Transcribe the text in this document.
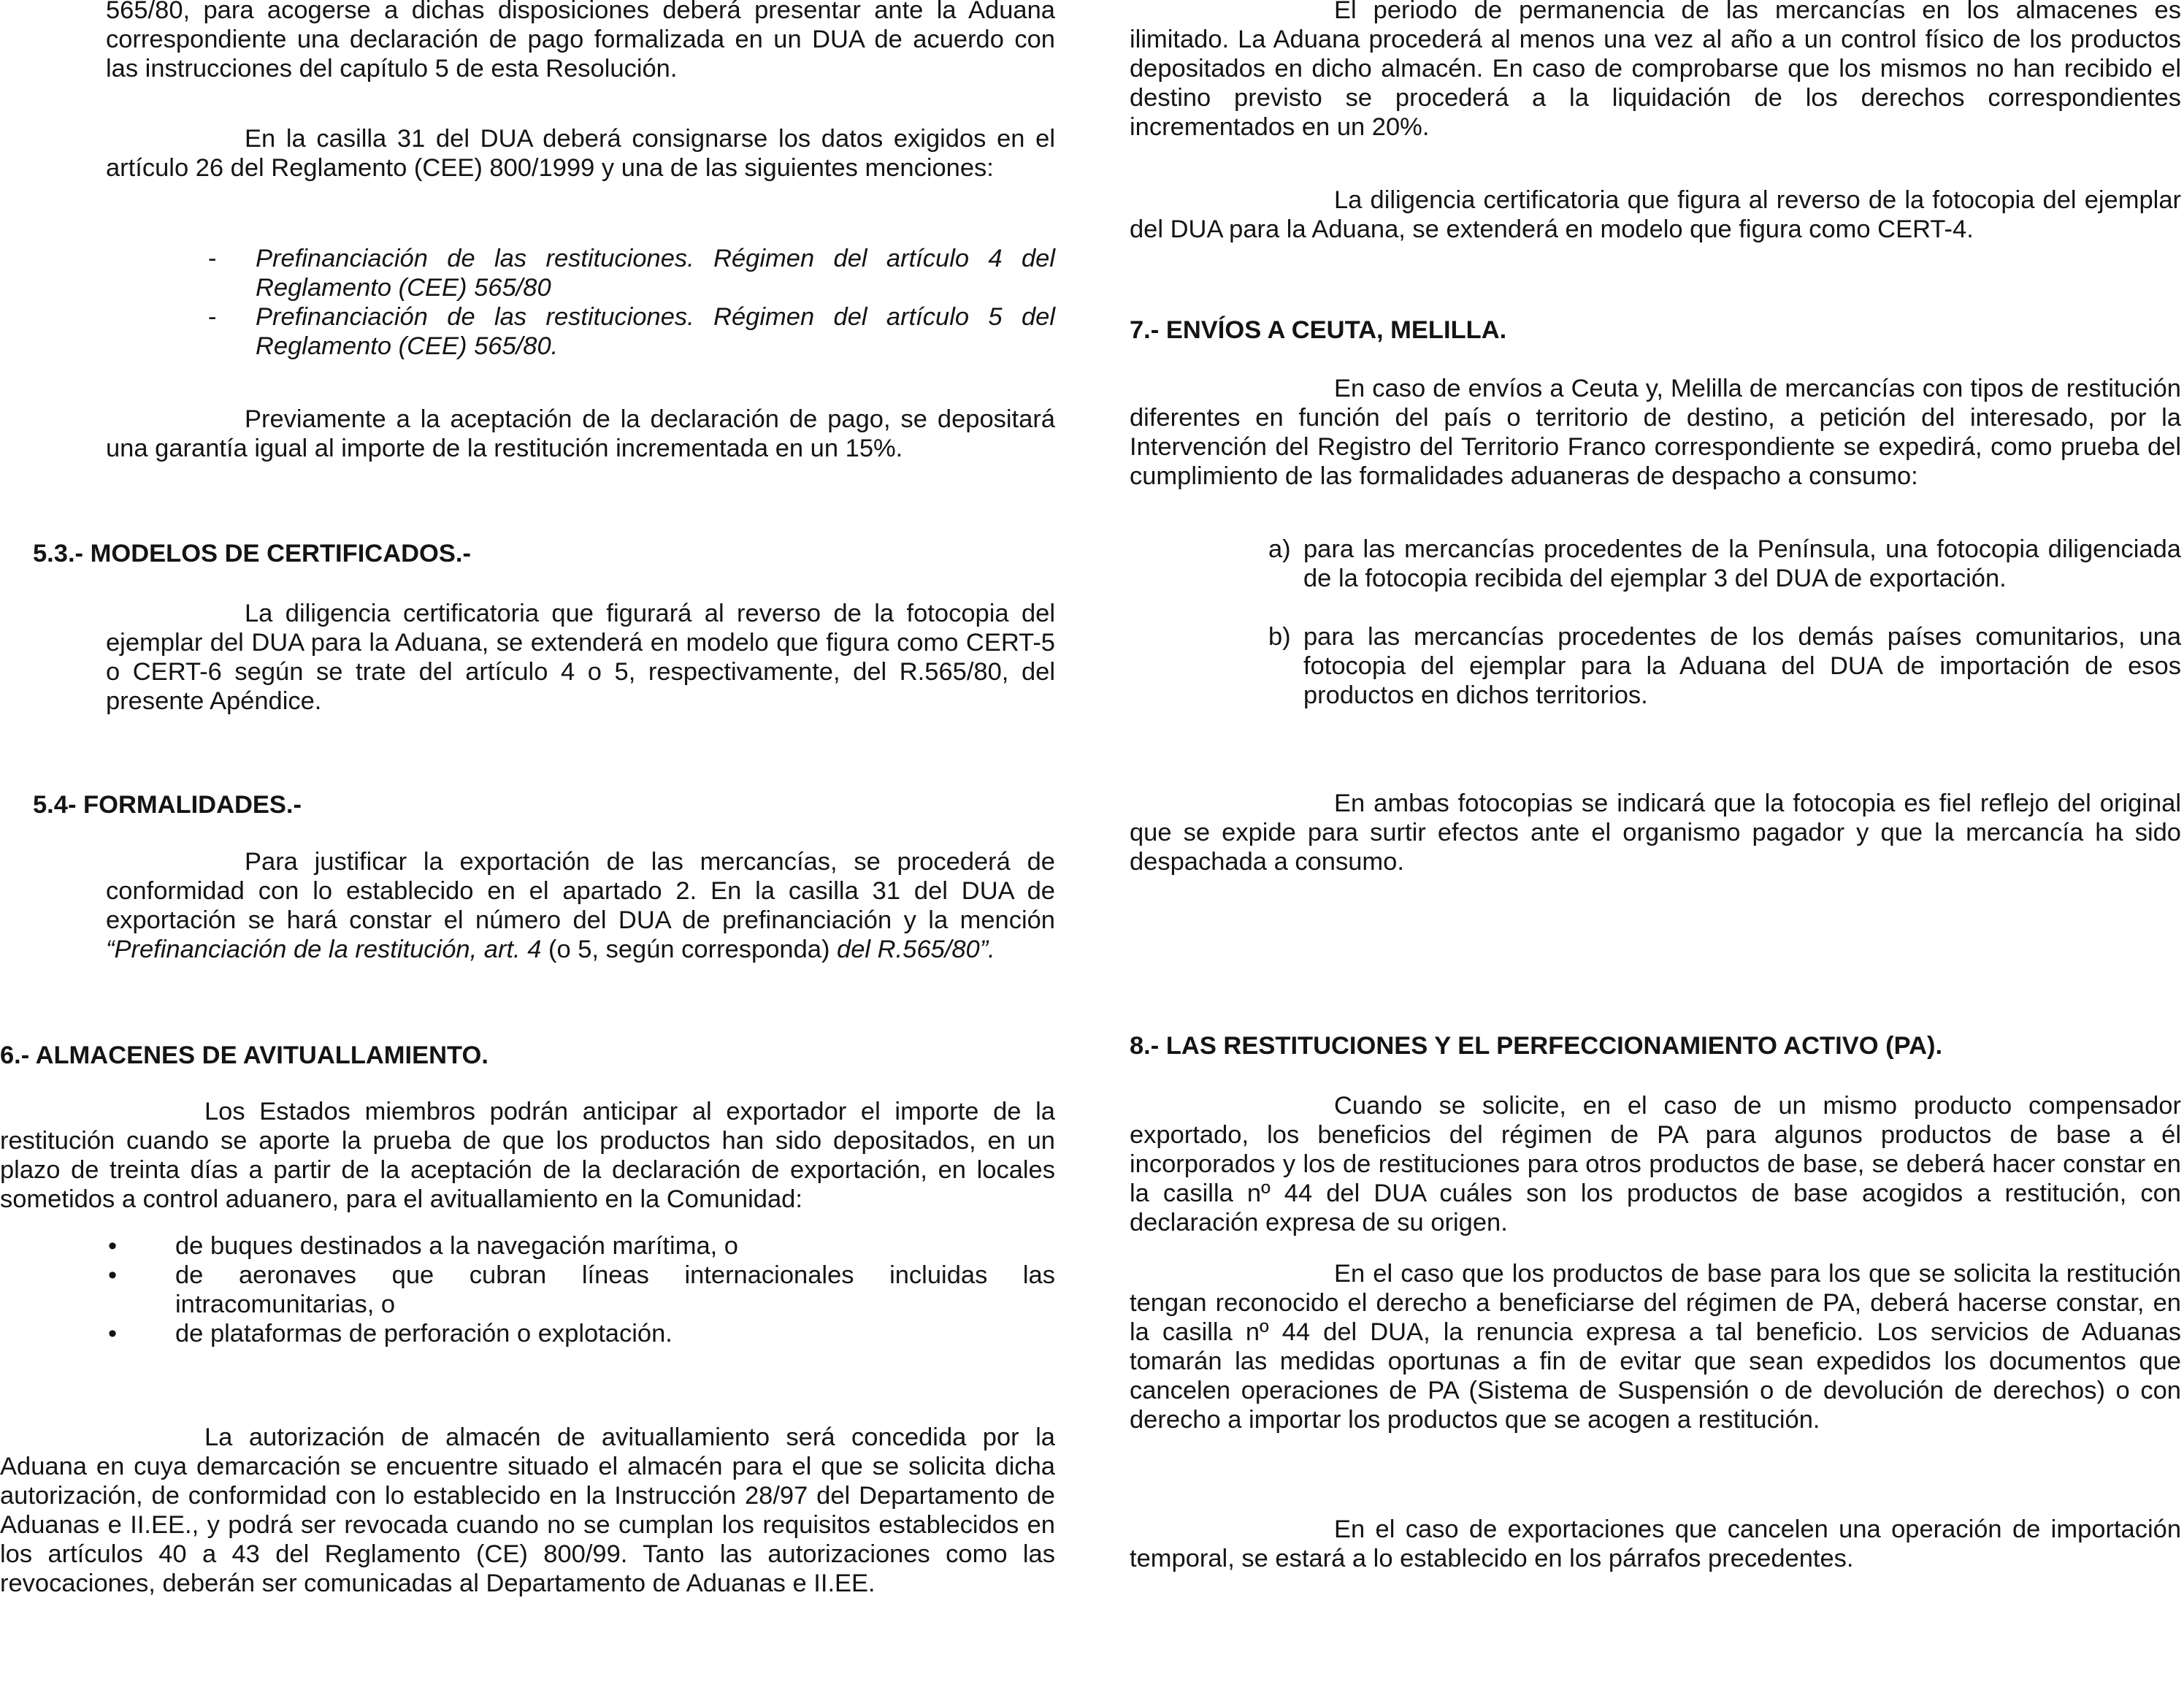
565/80, para acogerse a dichas disposiciones deberá presentar ante la Aduana correspondiente una declaración de pago formalizada en un DUA de acuerdo con las instrucciones del capítulo 5 de esta Resolución.

En la casilla 31 del DUA deberá consignarse los datos exigidos en el artículo 26 del Reglamento (CEE) 800/1999 y una de las siguientes menciones:

- Prefinanciación de las restituciones. Régimen del artículo 4 del Reglamento (CEE) 565/80
- Prefinanciación de las restituciones. Régimen del artículo 5 del Reglamento (CEE) 565/80.

Previamente a la aceptación de la declaración de pago, se depositará una garantía igual al importe de la restitución incrementada en un 15%.

5.3.- MODELOS DE CERTIFICADOS.-

La diligencia certificatoria que figurará al reverso de la fotocopia del ejemplar del DUA para la Aduana, se extenderá en modelo que figura como CERT-5 o CERT-6 según se trate del artículo 4 o 5, respectivamente, del R.565/80, del presente Apéndice.

5.4- FORMALIDADES.-

Para justificar la exportación de las mercancías, se procederá de conformidad con lo establecido en el apartado 2. En la casilla 31 del DUA de exportación se hará constar el número del DUA de prefinanciación y la mención “Prefinanciación de la restitución, art. 4 (o 5, según corresponda) del R.565/80”.

6.- ALMACENES DE AVITUALLAMIENTO.

Los Estados miembros podrán anticipar al exportador el importe de la restitución cuando se aporte la prueba de que los productos han sido depositados, en un plazo de treinta días a partir de la aceptación de la declaración de exportación, en locales sometidos a control aduanero, para el avituallamiento en la Comunidad:

• de buques destinados a la navegación marítima, o
• de aeronaves que cubran líneas internacionales incluidas las intracomunitarias, o
• de plataformas de perforación o explotación.

La autorización de almacén de avituallamiento será concedida por la Aduana en cuya demarcación se encuentre situado el almacén para el que se solicita dicha autorización, de conformidad con lo establecido en la Instrucción 28/97 del Departamento de Aduanas e II.EE., y podrá ser revocada cuando no se cumplan los requisitos establecidos en los artículos 40 a 43 del Reglamento (CE) 800/99. Tanto las autorizaciones como las revocaciones, deberán ser comunicadas al Departamento de Aduanas e II.EE.

El periodo de permanencia de las mercancías en los almacenes es ilimitado. La Aduana procederá al menos una vez al año a un control físico de los productos depositados en dicho almacén. En caso de comprobarse que los mismos no han recibido el destino previsto se procederá a la liquidación de los derechos correspondientes incrementados en un 20%.

La diligencia certificatoria que figura al reverso de la fotocopia del ejemplar del DUA para la Aduana, se extenderá en modelo que figura como CERT-4.

7.- ENVÍOS A CEUTA, MELILLA.

En caso de envíos a Ceuta y, Melilla de mercancías con tipos de restitución diferentes en función del país o territorio de destino, a petición del interesado, por la Intervención del Registro del Territorio Franco correspondiente se expedirá, como prueba del cumplimiento de las formalidades aduaneras de despacho a consumo:

a) para las mercancías procedentes de la Península, una fotocopia diligenciada de la fotocopia recibida del ejemplar 3 del DUA de exportación.
b) para las mercancías procedentes de los demás países comunitarios, una fotocopia del ejemplar para la Aduana del DUA de importación de esos productos en dichos territorios.

En ambas fotocopias se indicará que la fotocopia es fiel reflejo del original que se expide para surtir efectos ante el organismo pagador y que la mercancía ha sido despachada a consumo.

8.- LAS RESTITUCIONES Y EL PERFECCIONAMIENTO ACTIVO (PA).

Cuando se solicite, en el caso de un mismo producto compensador exportado, los beneficios del régimen de PA para algunos productos de base a él incorporados y los de restituciones para otros productos de base, se deberá hacer constar en la casilla nº 44 del DUA cuáles son los productos de base acogidos a restitución, con declaración expresa de su origen.

En el caso que los productos de base para los que se solicita la restitución tengan reconocido el derecho a beneficiarse del régimen de PA, deberá hacerse constar, en la casilla nº 44 del DUA, la renuncia expresa a tal beneficio. Los servicios de Aduanas tomarán las medidas oportunas a fin de evitar que sean expedidos los documentos que cancelen operaciones de PA (Sistema de Suspensión o de devolución de derechos) o con derecho a importar los productos que se acogen a restitución.

En el caso de exportaciones que cancelen una operación de importación temporal, se estará a lo establecido en los párrafos precedentes.
